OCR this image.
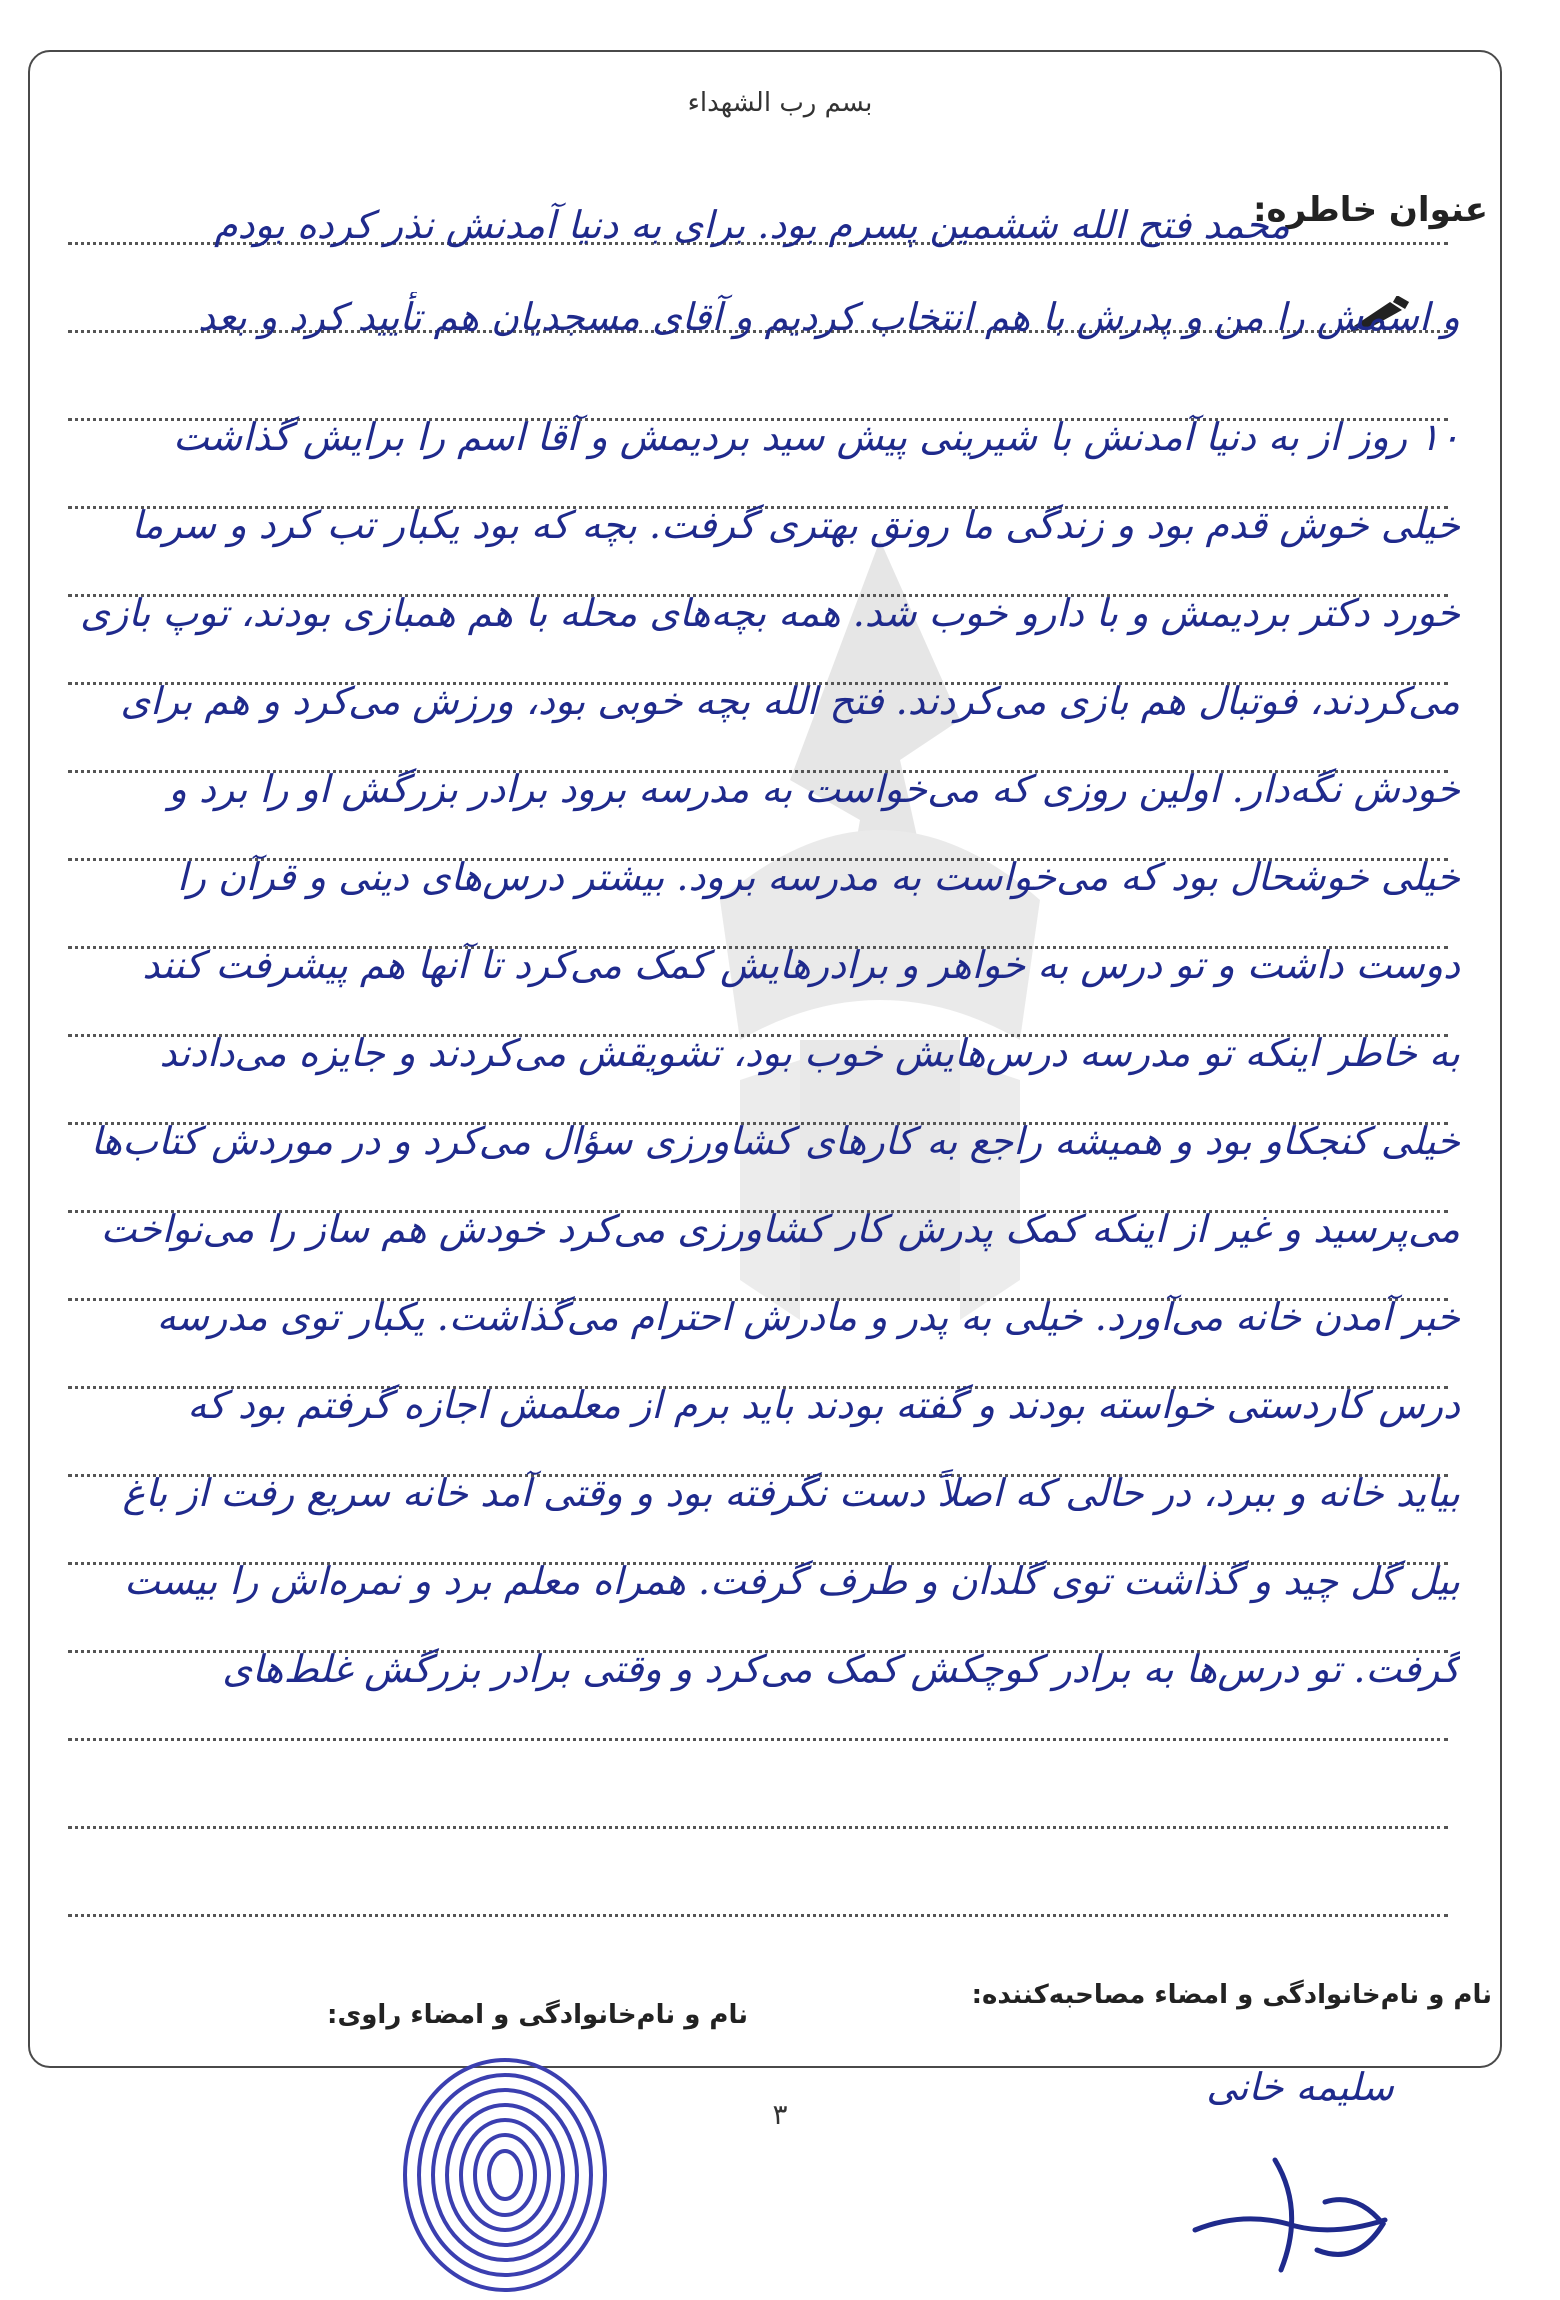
بسم رب الشهداء
عنوان خاطره:
محمد فتح الله ششمین پسرم بود. برای به دنیا آمدنش نذر کرده بودم
و اسمش را من و پدرش با هم انتخاب کردیم و آقای مسجدیان هم تأیید کرد و بعد
۱۰ روز از به دنیا آمدنش با شیرینی پیش سید بردیمش و آقا اسم را برایش گذاشت
خیلی خوش قدم بود و زندگی ما رونق بهتری گرفت. بچه که بود یکبار تب کرد و سرما
خورد دکتر بردیمش و با دارو خوب شد. همه بچه‌های محله با هم همبازی بودند، توپ بازی
می‌کردند، فوتبال هم بازی می‌کردند. فتح الله بچه خوبی بود، ورزش می‌کرد و هم برای
خودش نگه‌دار. اولین روزی که می‌خواست به مدرسه برود برادر بزرگش او را برد و
خیلی خوشحال بود که می‌خواست به مدرسه برود. بیشتر درس‌های دینی و قرآن را
دوست داشت و تو درس به خواهر و برادرهایش کمک می‌کرد تا آنها هم پیشرفت کنند
به خاطر اینکه تو مدرسه درس‌هایش خوب بود، تشویقش می‌کردند و جایزه می‌دادند
خیلی کنجکاو بود و همیشه راجع به کارهای کشاورزی سؤال می‌کرد و در موردش کتاب‌ها
می‌پرسید و غیر از اینکه کمک پدرش کار کشاورزی می‌کرد خودش هم ساز را می‌نواخت
خبر آمدن خانه می‌آورد. خیلی به پدر و مادرش احترام می‌گذاشت. یکبار توی مدرسه
درس کاردستی خواسته بودند و گفته بودند باید برم از معلمش اجازه گرفتم بود که
بیاید خانه و ببرد، در حالی که اصلاً دست نگرفته بود و وقتی آمد خانه سریع رفت از باغ
بیل گل چید و گذاشت توی گلدان و طرف گرفت. همراه معلم برد و نمره‌اش را بیست
گرفت. تو درس‌ها به برادر کوچکش کمک می‌کرد و وقتی برادر بزرگش غلط‌های
نام و نام‌خانوادگی و امضاء مصاحبه‌کننده:
نام و نام‌خانوادگی و امضاء راوی:
۳
سلیمه خانی
